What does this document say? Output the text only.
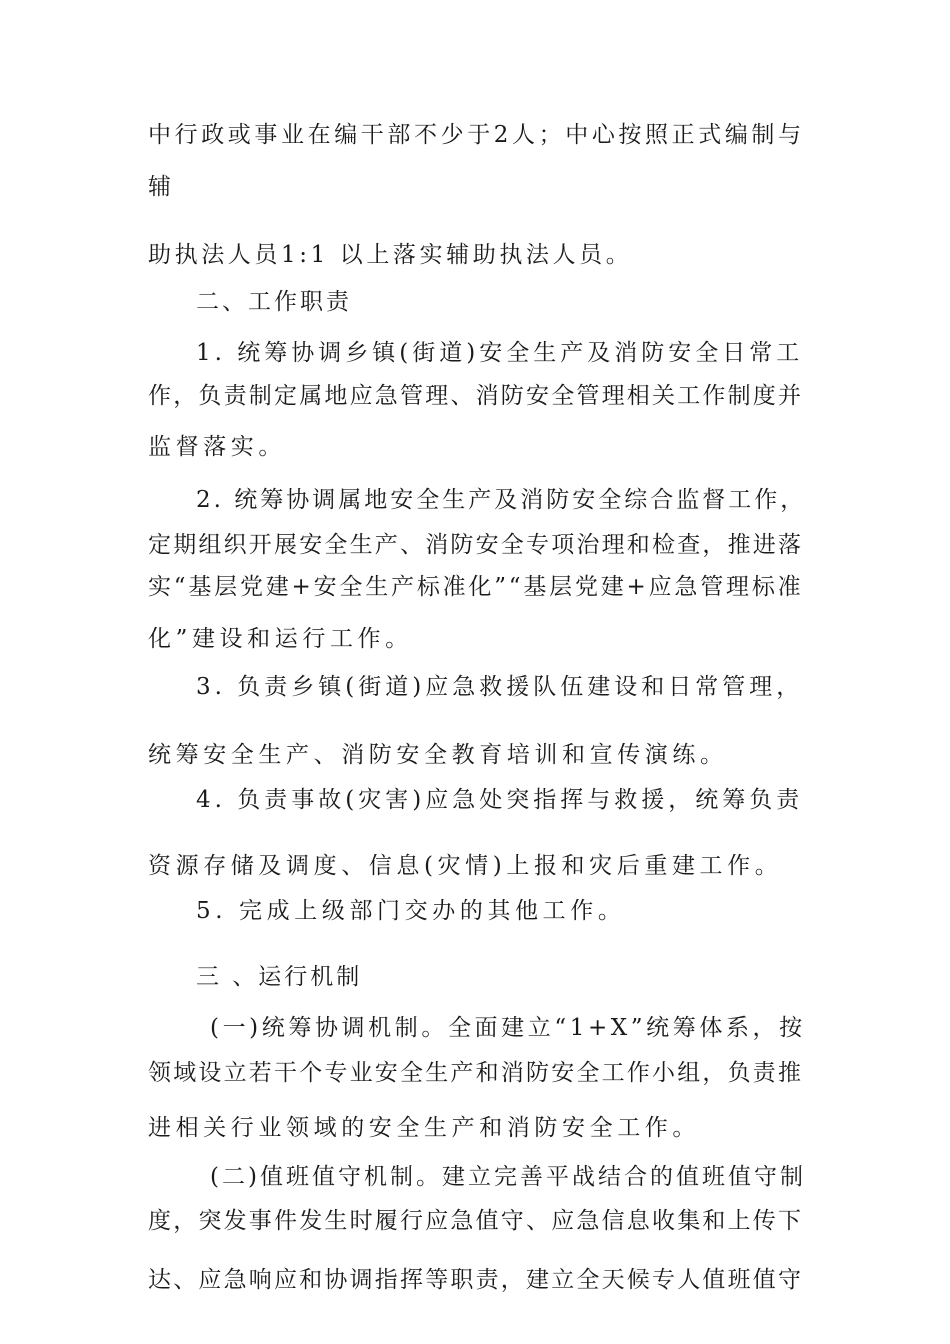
中行政或事业在编干部不少于2人；中心按照正式编制与

辅

助执法人员1:1 以上落实辅助执法人员。

二、工作职责

1. 统筹协调乡镇(街道)安全生产及消防安全日常工

作，负责制定属地应急管理、消防安全管理相关工作制度并

监督落实。

2. 统筹协调属地安全生产及消防安全综合监督工作，

定期组织开展安全生产、消防安全专项治理和检查，推进落

实“基层党建+安全生产标准化”“基层党建+应急管理标准

化”建设和运行工作。

3. 负责乡镇(街道)应急救援队伍建设和日常管理，

统筹安全生产、消防安全教育培训和宣传演练。

4. 负责事故(灾害)应急处突指挥与救援，统筹负责

资源存储及调度、信息(灾情)上报和灾后重建工作。

5. 完成上级部门交办的其他工作。

三 、运行机制

(一)统筹协调机制。全面建立“1+X”统筹体系，按

领域设立若干个专业安全生产和消防安全工作小组，负责推

进相关行业领域的安全生产和消防安全工作。

(二)值班值守机制。建立完善平战结合的值班值守制

度，突发事件发生时履行应急值守、应急信息收集和上传下

达、应急响应和协调指挥等职责，建立全天候专人值班值守
